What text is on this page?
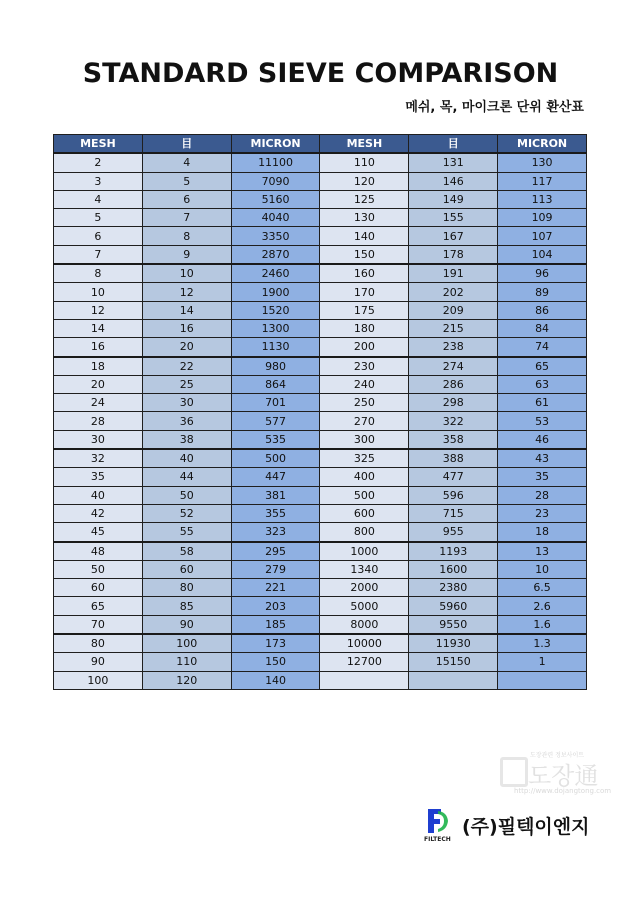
STANDARD SIEVE COMPARISON
메쉬, 목, 마이크론 단위 환산표
MESH	目	MICRON	MESH	目	MICRON
2	4	11100	110	131	130
3	5	7090	120	146	117
4	6	5160	125	149	113
5	7	4040	130	155	109
6	8	3350	140	167	107
7	9	2870	150	178	104
8	10	2460	160	191	96
10	12	1900	170	202	89
12	14	1520	175	209	86
14	16	1300	180	215	84
16	20	1130	200	238	74
18	22	980	230	274	65
20	25	864	240	286	63
24	30	701	250	298	61
28	36	577	270	322	53
30	38	535	300	358	46
32	40	500	325	388	43
35	44	447	400	477	35
40	50	381	500	596	28
42	52	355	600	715	23
45	55	323	800	955	18
48	58	295	1000	1193	13
50	60	279	1340	1600	10
60	80	221	2000	2380	6.5
65	85	203	5000	5960	2.6
70	90	185	8000	9550	1.6
80	100	173	10000	11930	1.3
90	110	150	12700	15150	1
100	120	140			
도장관련 정보사이트
도장通
http://www.dojangtong.com
FILTECH
(주)필텍이엔지
